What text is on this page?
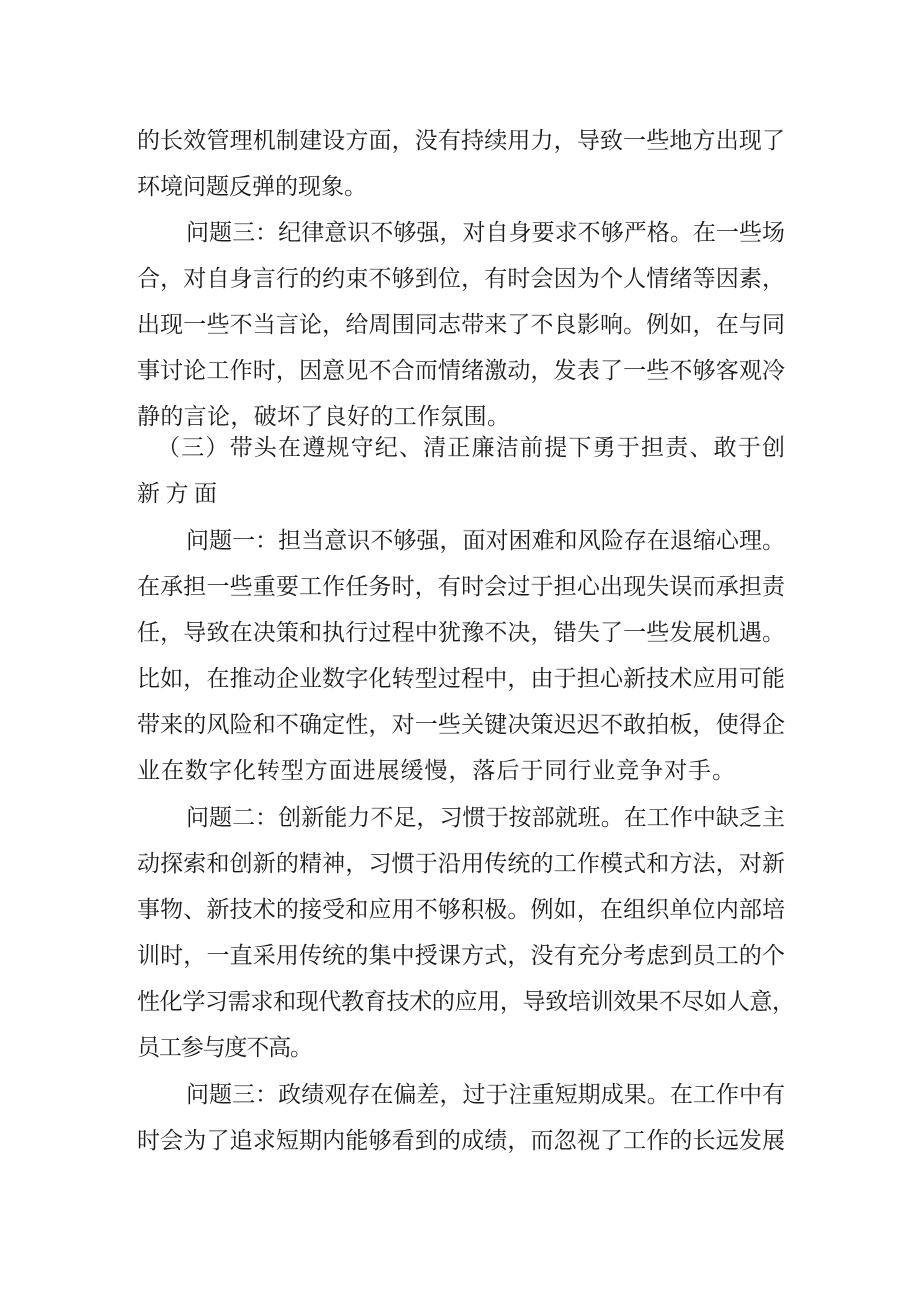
的长效管理机制建设方面，没有持续用力，导致一些地方出现了
环境问题反弹的现象。
问题三：纪律意识不够强，对自身要求不够严格。在一些场
合，对自身言行的约束不够到位，有时会因为个人情绪等因素，
出现一些不当言论，给周围同志带来了不良影响。例如，在与同
事讨论工作时，因意见不合而情绪激动，发表了一些不够客观冷
静的言论，破坏了良好的工作氛围。
（三）带头在遵规守纪、清正廉洁前提下勇于担责、敢于创
新方面
问题一：担当意识不够强，面对困难和风险存在退缩心理。
在承担一些重要工作任务时，有时会过于担心出现失误而承担责
任，导致在决策和执行过程中犹豫不决，错失了一些发展机遇。
比如，在推动企业数字化转型过程中，由于担心新技术应用可能
带来的风险和不确定性，对一些关键决策迟迟不敢拍板，使得企
业在数字化转型方面进展缓慢，落后于同行业竞争对手。
问题二：创新能力不足，习惯于按部就班。在工作中缺乏主
动探索和创新的精神，习惯于沿用传统的工作模式和方法，对新
事物、新技术的接受和应用不够积极。例如，在组织单位内部培
训时，一直采用传统的集中授课方式，没有充分考虑到员工的个
性化学习需求和现代教育技术的应用，导致培训效果不尽如人意，
员工参与度不高。
问题三：政绩观存在偏差，过于注重短期成果。在工作中有
时会为了追求短期内能够看到的成绩，而忽视了工作的长远发展
